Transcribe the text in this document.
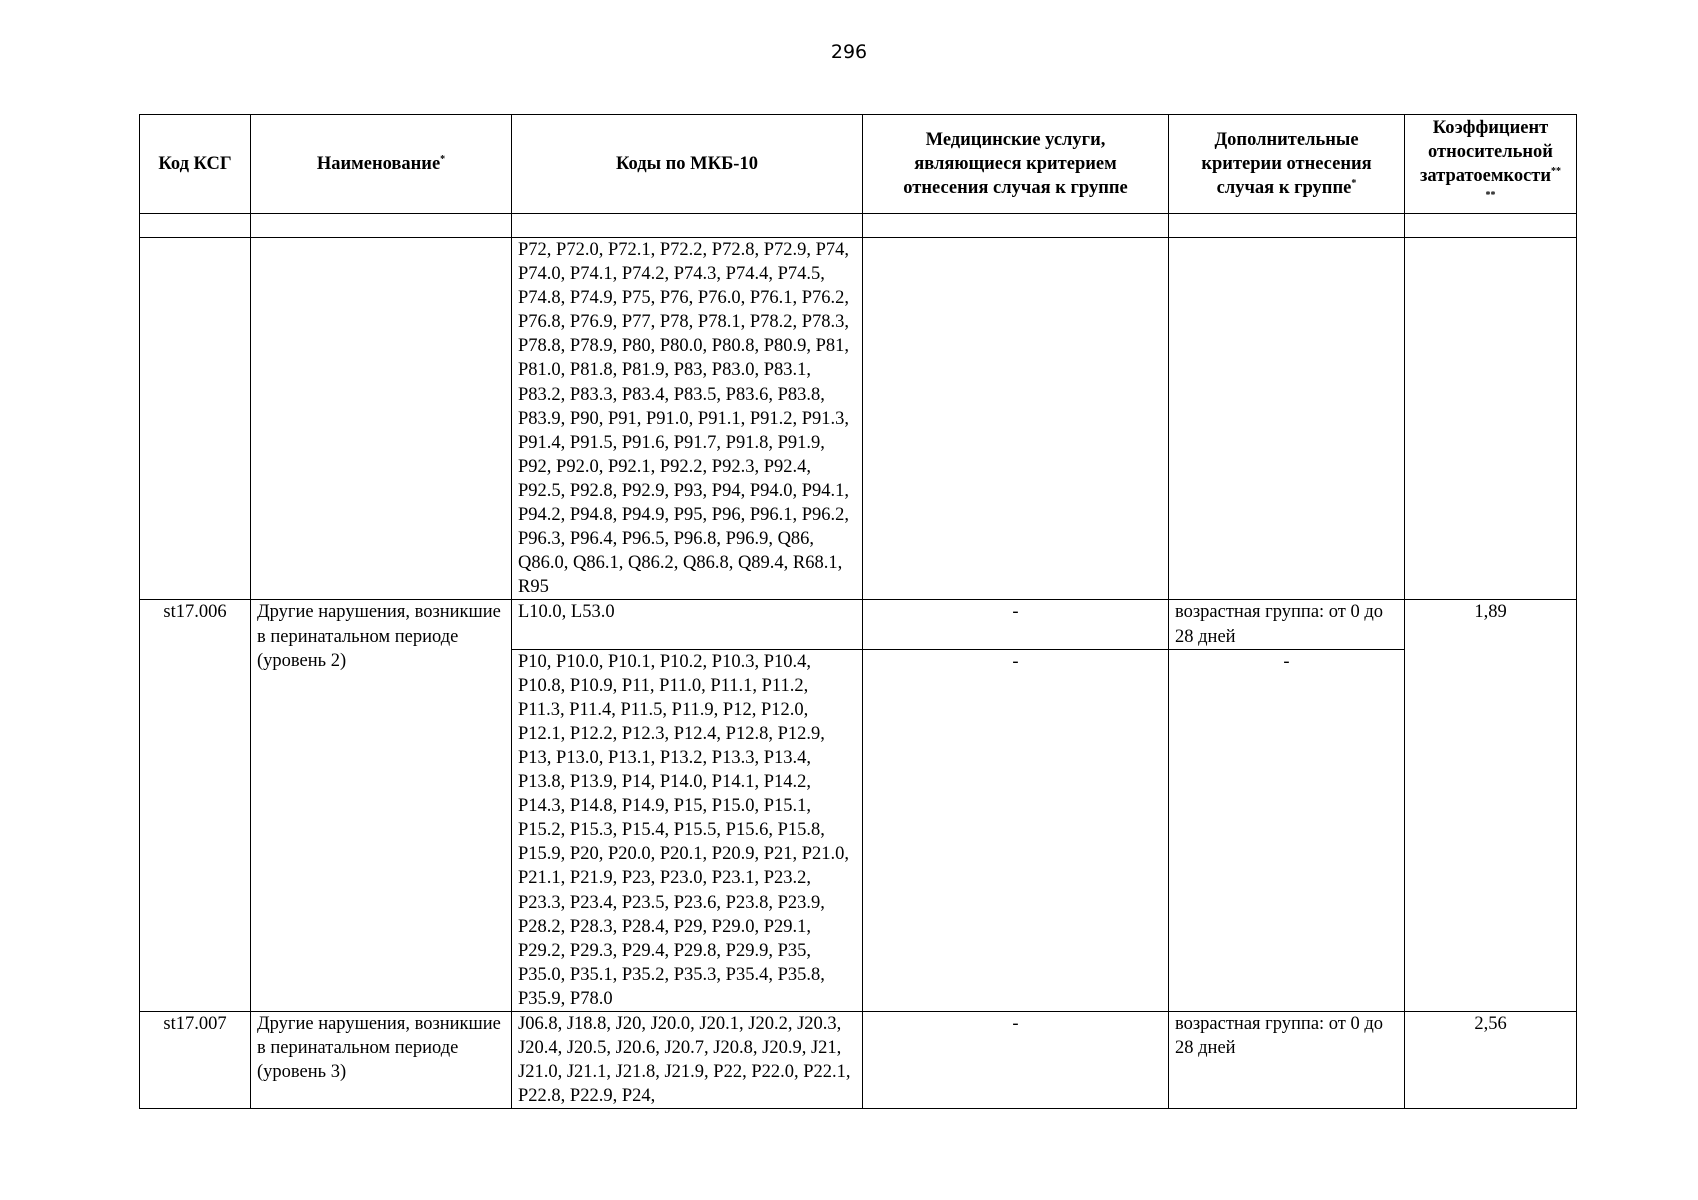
296
Код КСГ	Наименование*	Коды по МКБ-10	Медицинские услуги, являющиеся критерием отнесения случая к группе	Дополнительные критерии отнесения случая к группе*	Коэффициент относительной затратоемкости**
**

		P72, P72.0, P72.1, P72.2, P72.8, P72.9, P74, P74.0, P74.1, P74.2, P74.3, P74.4, P74.5, P74.8, P74.9, P75, P76, P76.0, P76.1, P76.2, P76.8, P76.9, P77, P78, P78.1, P78.2, P78.3, P78.8, P78.9, P80, P80.0, P80.8, P80.9, P81, P81.0, P81.8, P81.9, P83, P83.0, P83.1, P83.2, P83.3, P83.4, P83.5, P83.6, P83.8, P83.9, P90, P91, P91.0, P91.1, P91.2, P91.3, P91.4, P91.5, P91.6, P91.7, P91.8, P91.9, P92, P92.0, P92.1, P92.2, P92.3, P92.4, P92.5, P92.8, P92.9, P93, P94, P94.0, P94.1, P94.2, P94.8, P94.9, P95, P96, P96.1, P96.2, P96.3, P96.4, P96.5, P96.8, P96.9, Q86, Q86.0, Q86.1, Q86.2, Q86.8, Q89.4, R68.1, R95			
st17.006	Другие нарушения, возникшие в перинатальном периоде (уровень 2)	L10.0, L53.0	-	возрастная группа: от 0 до 28 дней	1,89
		P10, P10.0, P10.1, P10.2, P10.3, P10.4, P10.8, P10.9, P11, P11.0, P11.1, P11.2, P11.3, P11.4, P11.5, P11.9, P12, P12.0, P12.1, P12.2, P12.3, P12.4, P12.8, P12.9, P13, P13.0, P13.1, P13.2, P13.3, P13.4, P13.8, P13.9, P14, P14.0, P14.1, P14.2, P14.3, P14.8, P14.9, P15, P15.0, P15.1, P15.2, P15.3, P15.4, P15.5, P15.6, P15.8, P15.9, P20, P20.0, P20.1, P20.9, P21, P21.0, P21.1, P21.9, P23, P23.0, P23.1, P23.2, P23.3, P23.4, P23.5, P23.6, P23.8, P23.9, P28.2, P28.3, P28.4, P29, P29.0, P29.1, P29.2, P29.3, P29.4, P29.8, P29.9, P35, P35.0, P35.1, P35.2, P35.3, P35.4, P35.8, P35.9, P78.0	-	-	
st17.007	Другие нарушения, возникшие в перинатальном периоде (уровень 3)	J06.8, J18.8, J20, J20.0, J20.1, J20.2, J20.3, J20.4, J20.5, J20.6, J20.7, J20.8, J20.9, J21, J21.0, J21.1, J21.8, J21.9, P22, P22.0, P22.1, P22.8, P22.9, P24,	-	возрастная группа: от 0 до 28 дней	2,56
